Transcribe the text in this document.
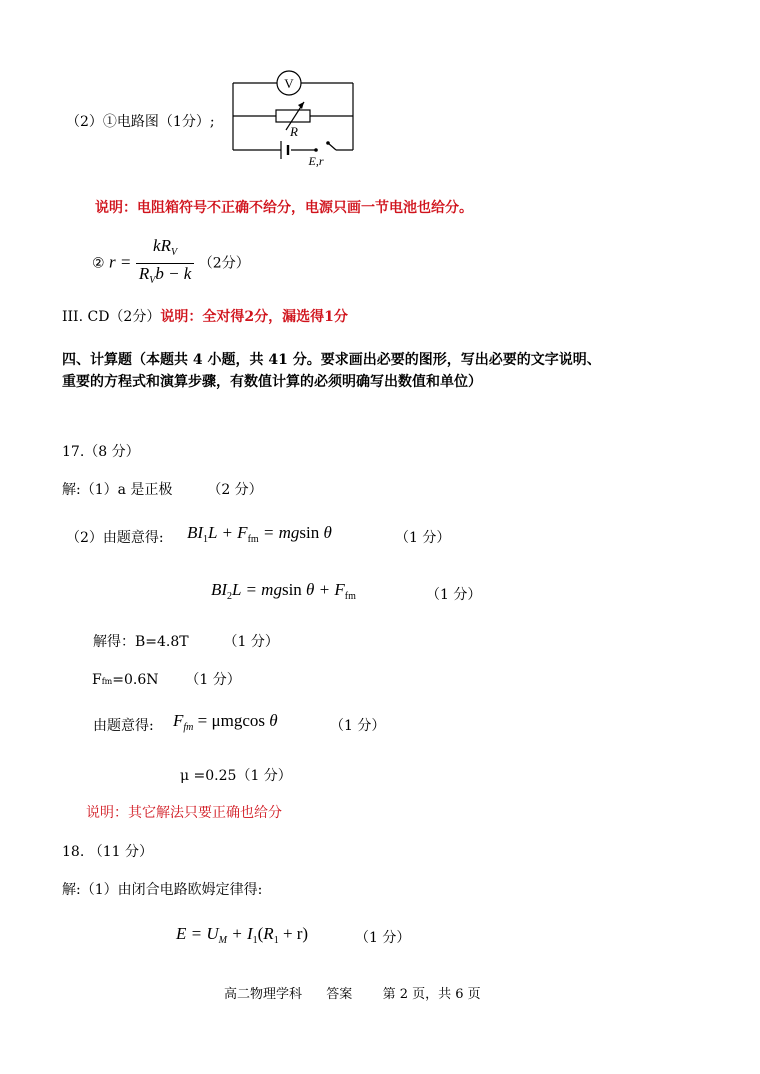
（2）①电路图（1分）;
V
R
E,r
说明：电阻箱符号不正确不给分，电源只画一节电池也给分。
② $r = \frac{kR_V}{R_Vb - k} (2$分）
III. CD（2分）说明：全对得2分，漏选得1分
四、计算题（本题共 4 小题，共 41 分。要求画出必要的图形，写出必要的文字说明、
重要的方程式和演算步骤，有数值计算的必须明确写出数值和单位）
17.（8 分）
解:（1）a 是正极 （2 分）
（2）由题意得: $BI_1L + F_{fm} = mgsin$ θ	（1 分）
$BI_2L = mgsin$ $\theta + F_{fm}$	（1 分）
解得：B=4.8T （1 分）
Ffm=0.6N （1 分）
由题意得: $F_{fm} = \mu mgcos$ θ	（1 分）
μ =0.25（1 分）
说明：其它解法只要正确也给分
18. （11 分）
解:（1）由闭合电路欧姆定律得:
$E = U_M + I_1(R_1 + r)$	（1 分）
高二物理学科 答案 第 2 页，共 6 页
